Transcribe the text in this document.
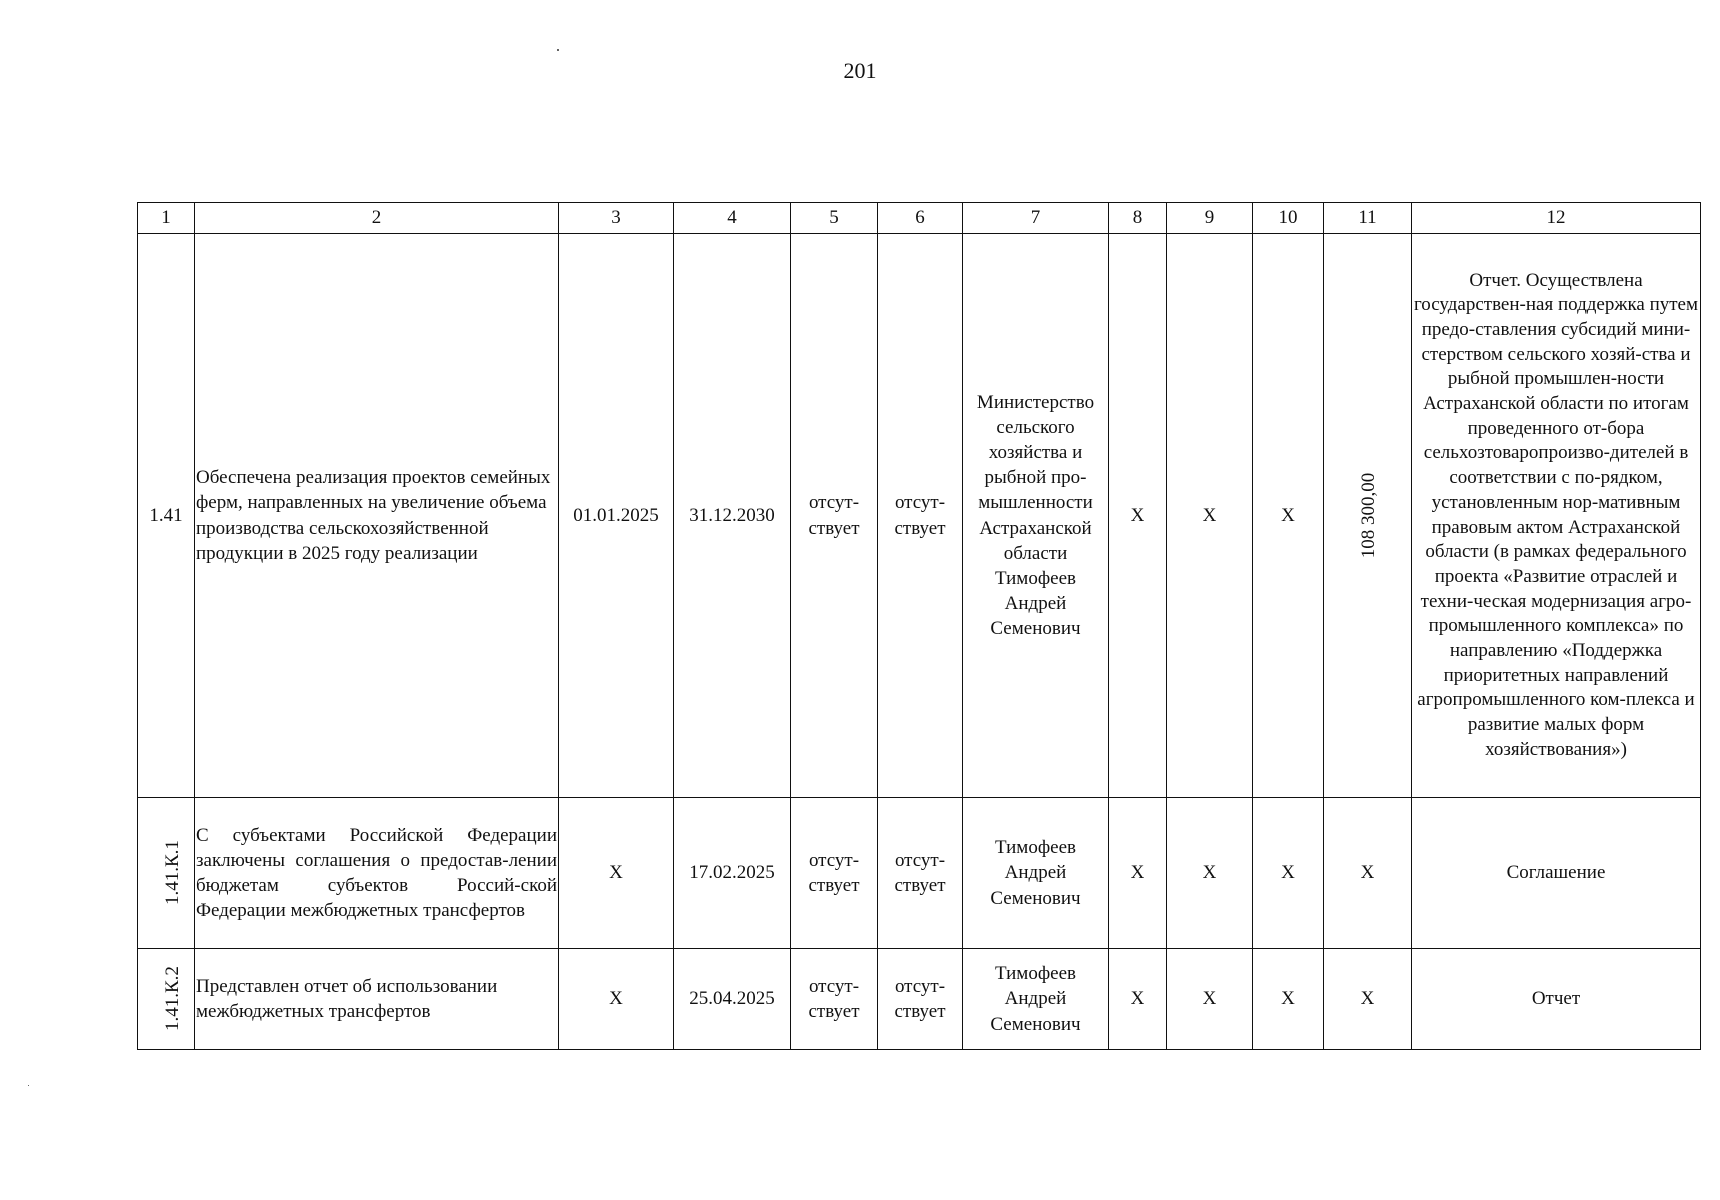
201
1	2	3	4	5	6	7	8	9	10	11	12
1.41	Обеспечена реализация проектов семейных ферм, направленных на увеличение объема производства сельскохозяйственной продукции в 2025 году реализации	01.01.2025	31.12.2030	отсут-ствует	отсут-ствует	Министерство сельского хозяйства и рыбной про-мышленности Астраханской области Тимофеев Андрей Семенович	Х	Х	Х	108 300,00	Отчет. Осуществлена государствен-ная поддержка путем предо-ставления субсидий мини-стерством сельского хозяй-ства и рыбной промышлен-ности Астраханской области по итогам проведенного от-бора сельхозтоваропроизво-дителей в соответствии с по-рядком, установленным нор-мативным правовым актом Астраханской области (в рамках федерального проекта «Развитие отраслей и техни-ческая модернизация агро-промышленного комплекса» по направлению «Поддержка приоритетных направлений агропромышленного ком-плекса и развитие малых форм хозяйствования»)
1.41.К.1	С субъектами Российской Федерации заключены соглашения о предостав-лении бюджетам субъектов Россий-ской Федерации межбюджетных трансфертов	Х	17.02.2025	отсут-ствует	отсут-ствует	Тимофеев Андрей Семенович	Х	Х	Х	Х	Соглашение
1.41.К.2	Представлен отчет об использовании межбюджетных трансфертов	Х	25.04.2025	отсут-ствует	отсут-ствует	Тимофеев Андрей Семенович	Х	Х	Х	Х	Отчет
